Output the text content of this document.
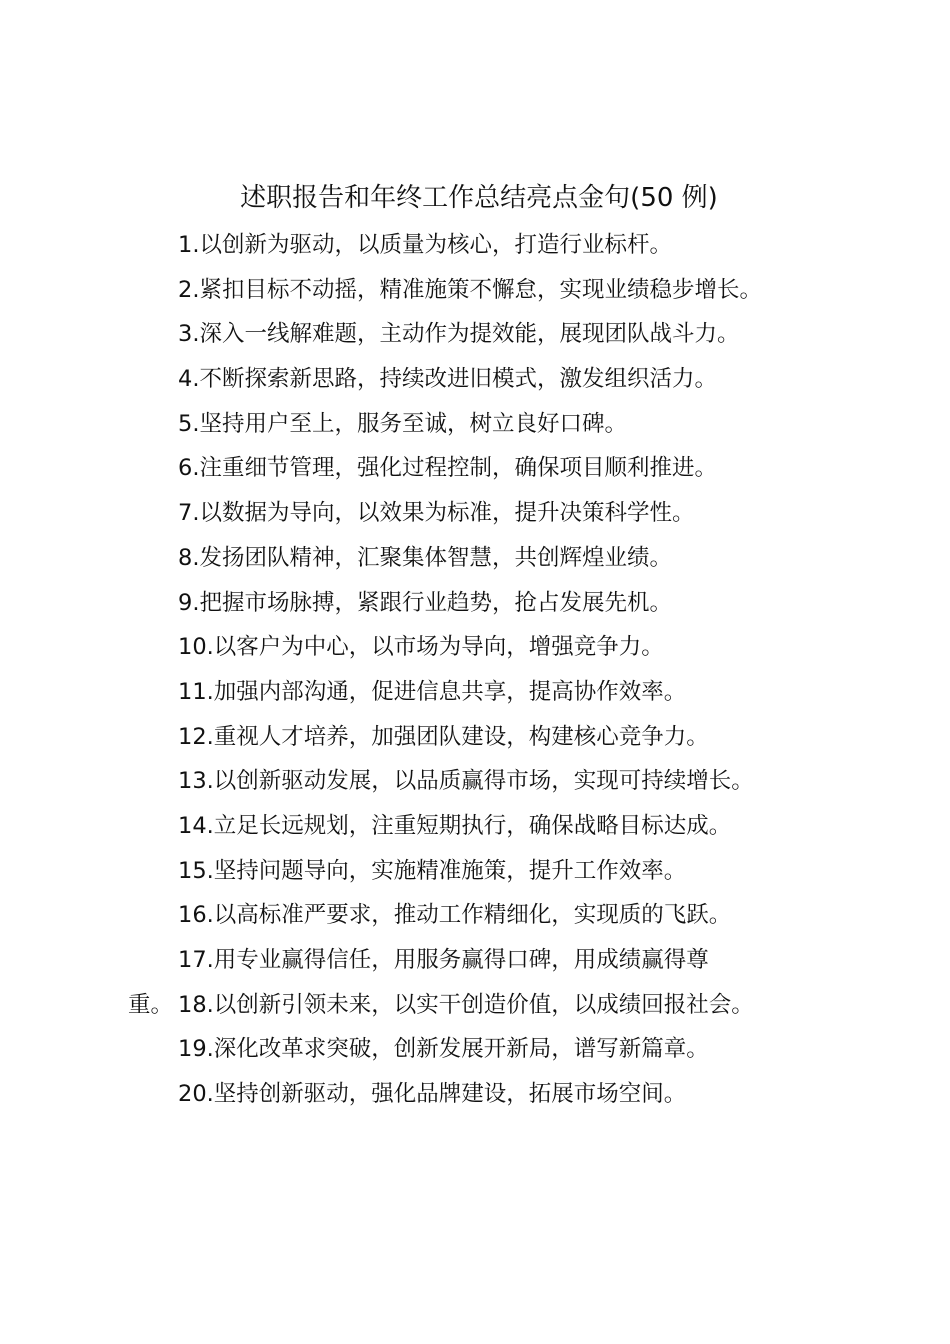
述职报告和年终工作总结亮点金句(50 例)
1.以创新为驱动，以质量为核心，打造行业标杆。
2.紧扣目标不动摇，精准施策不懈怠，实现业绩稳步增长。
3.深入一线解难题，主动作为提效能，展现团队战斗力。
4.不断探索新思路，持续改进旧模式，激发组织活力。
5.坚持用户至上，服务至诚，树立良好口碑。
6.注重细节管理，强化过程控制，确保项目顺利推进。
7.以数据为导向，以效果为标准，提升决策科学性。
8.发扬团队精神，汇聚集体智慧，共创辉煌业绩。
9.把握市场脉搏，紧跟行业趋势，抢占发展先机。
10.以客户为中心，以市场为导向，增强竞争力。
11.加强内部沟通，促进信息共享，提高协作效率。
12.重视人才培养，加强团队建设，构建核心竞争力。
13.以创新驱动发展，以品质赢得市场，实现可持续增长。
14.立足长远规划，注重短期执行，确保战略目标达成。
15.坚持问题导向，实施精准施策，提升工作效率。
16.以高标准严要求，推动工作精细化，实现质的飞跃。
17.用专业赢得信任，用服务赢得口碑，用成绩赢得尊
重。 18.以创新引领未来，以实干创造价值，以成绩回报社会。
19.深化改革求突破，创新发展开新局，谱写新篇章。
20.坚持创新驱动，强化品牌建设，拓展市场空间。
